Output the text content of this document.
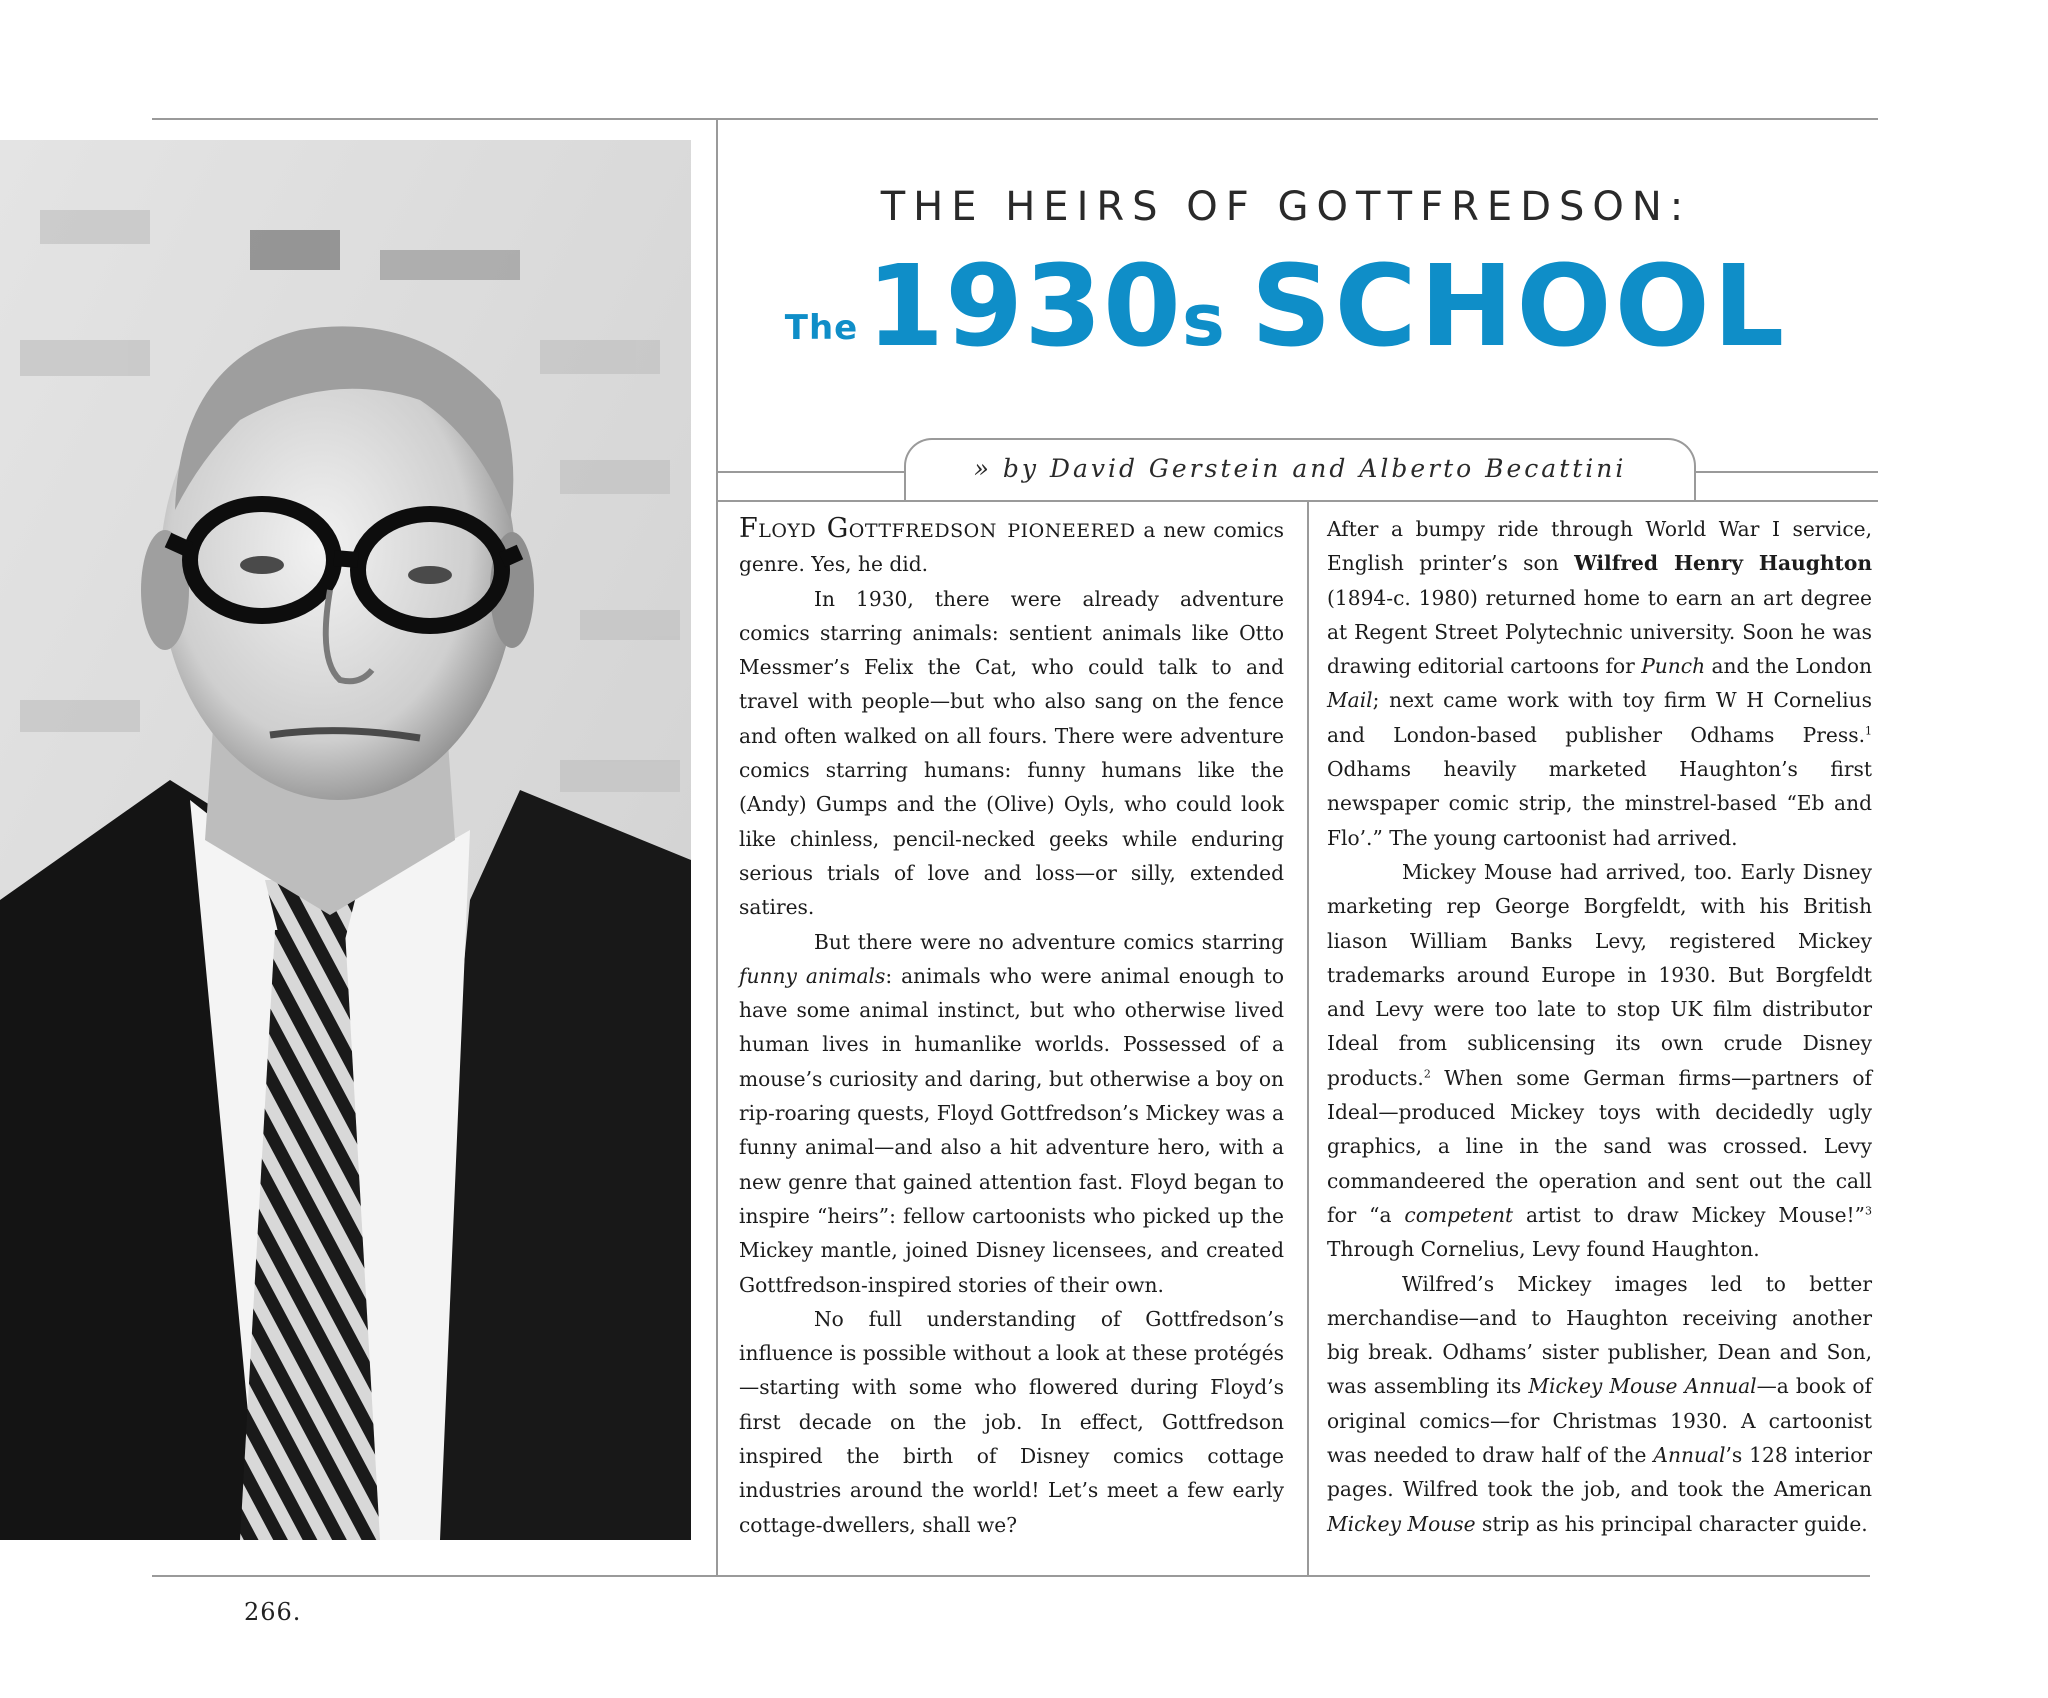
THE HEIRS OF GOTTFREDSON:
The1930s SCHOOL
» by David Gerstein and Alberto Becattini

Floyd Gottfredson pioneered a new comics genre. Yes, he did.

In 1930, there were already adventure comics starring animals: sentient animals like Otto Messmer’s Felix the Cat, who could talk to and travel with people—but who also sang on the fence and often walked on all fours. There were adventure comics starring humans: funny humans like the (Andy) Gumps and the (Olive) Oyls, who could look like chinless, pencil-necked geeks while enduring serious trials of love and loss—or silly, extended satires.

But there were no adventure comics starring funny animals: animals who were animal enough to have some animal instinct, but who otherwise lived human lives in humanlike worlds. Possessed of a mouse’s curiosity and daring, but otherwise a boy on rip-roaring quests, Floyd Gottfredson’s Mickey was a funny animal—and also a hit adventure hero, with a new genre that gained attention fast. Floyd began to inspire “heirs”: fellow cartoonists who picked up the Mickey mantle, joined Disney licensees, and created Gottfredson-inspired stories of their own.

No full understanding of Gottfredson’s influence is possible without a look at these protégés—starting with some who flowered during Floyd’s first decade on the job. In effect, Gottfredson inspired the birth of Disney comics cottage industries around the world! Let’s meet a few early cottage-dwellers, shall we?

After a bumpy ride through World War I service, English printer’s son Wilfred Henry Haughton (1894-c. 1980) returned home to earn an art degree at Regent Street Polytechnic university. Soon he was drawing editorial cartoons for Punch and the London Mail; next came work with toy firm W H Cornelius and London-based publisher Odhams Press.$^1$ Odhams heavily marketed Haughton’s first newspaper comic strip, the minstrel-based “Eb and Flo’.” The young cartoonist had arrived.

Mickey Mouse had arrived, too. Early Disney marketing rep George Borgfeldt, with his British liason William Banks Levy, registered Mickey trademarks around Europe in 1930. But Borgfeldt and Levy were too late to stop UK film distributor Ideal from sublicensing its own crude Disney products.$^2$ When some German firms—partners of Ideal—produced Mickey toys with decidedly ugly graphics, a line in the sand was crossed. Levy commandeered the operation and sent out the call for “a competent artist to draw Mickey Mouse!”$^3$ Through Cornelius, Levy found Haughton.

Wilfred’s Mickey images led to better merchandise—and to Haughton receiving another big break. Odhams’ sister publisher, Dean and Son, was assembling its Mickey Mouse Annual—a book of original comics—for Christmas 1930. A cartoonist was needed to draw half of the Annual’s 128 interior pages. Wilfred took the job, and took the American Mickey Mouse strip as his principal character guide.

266.
